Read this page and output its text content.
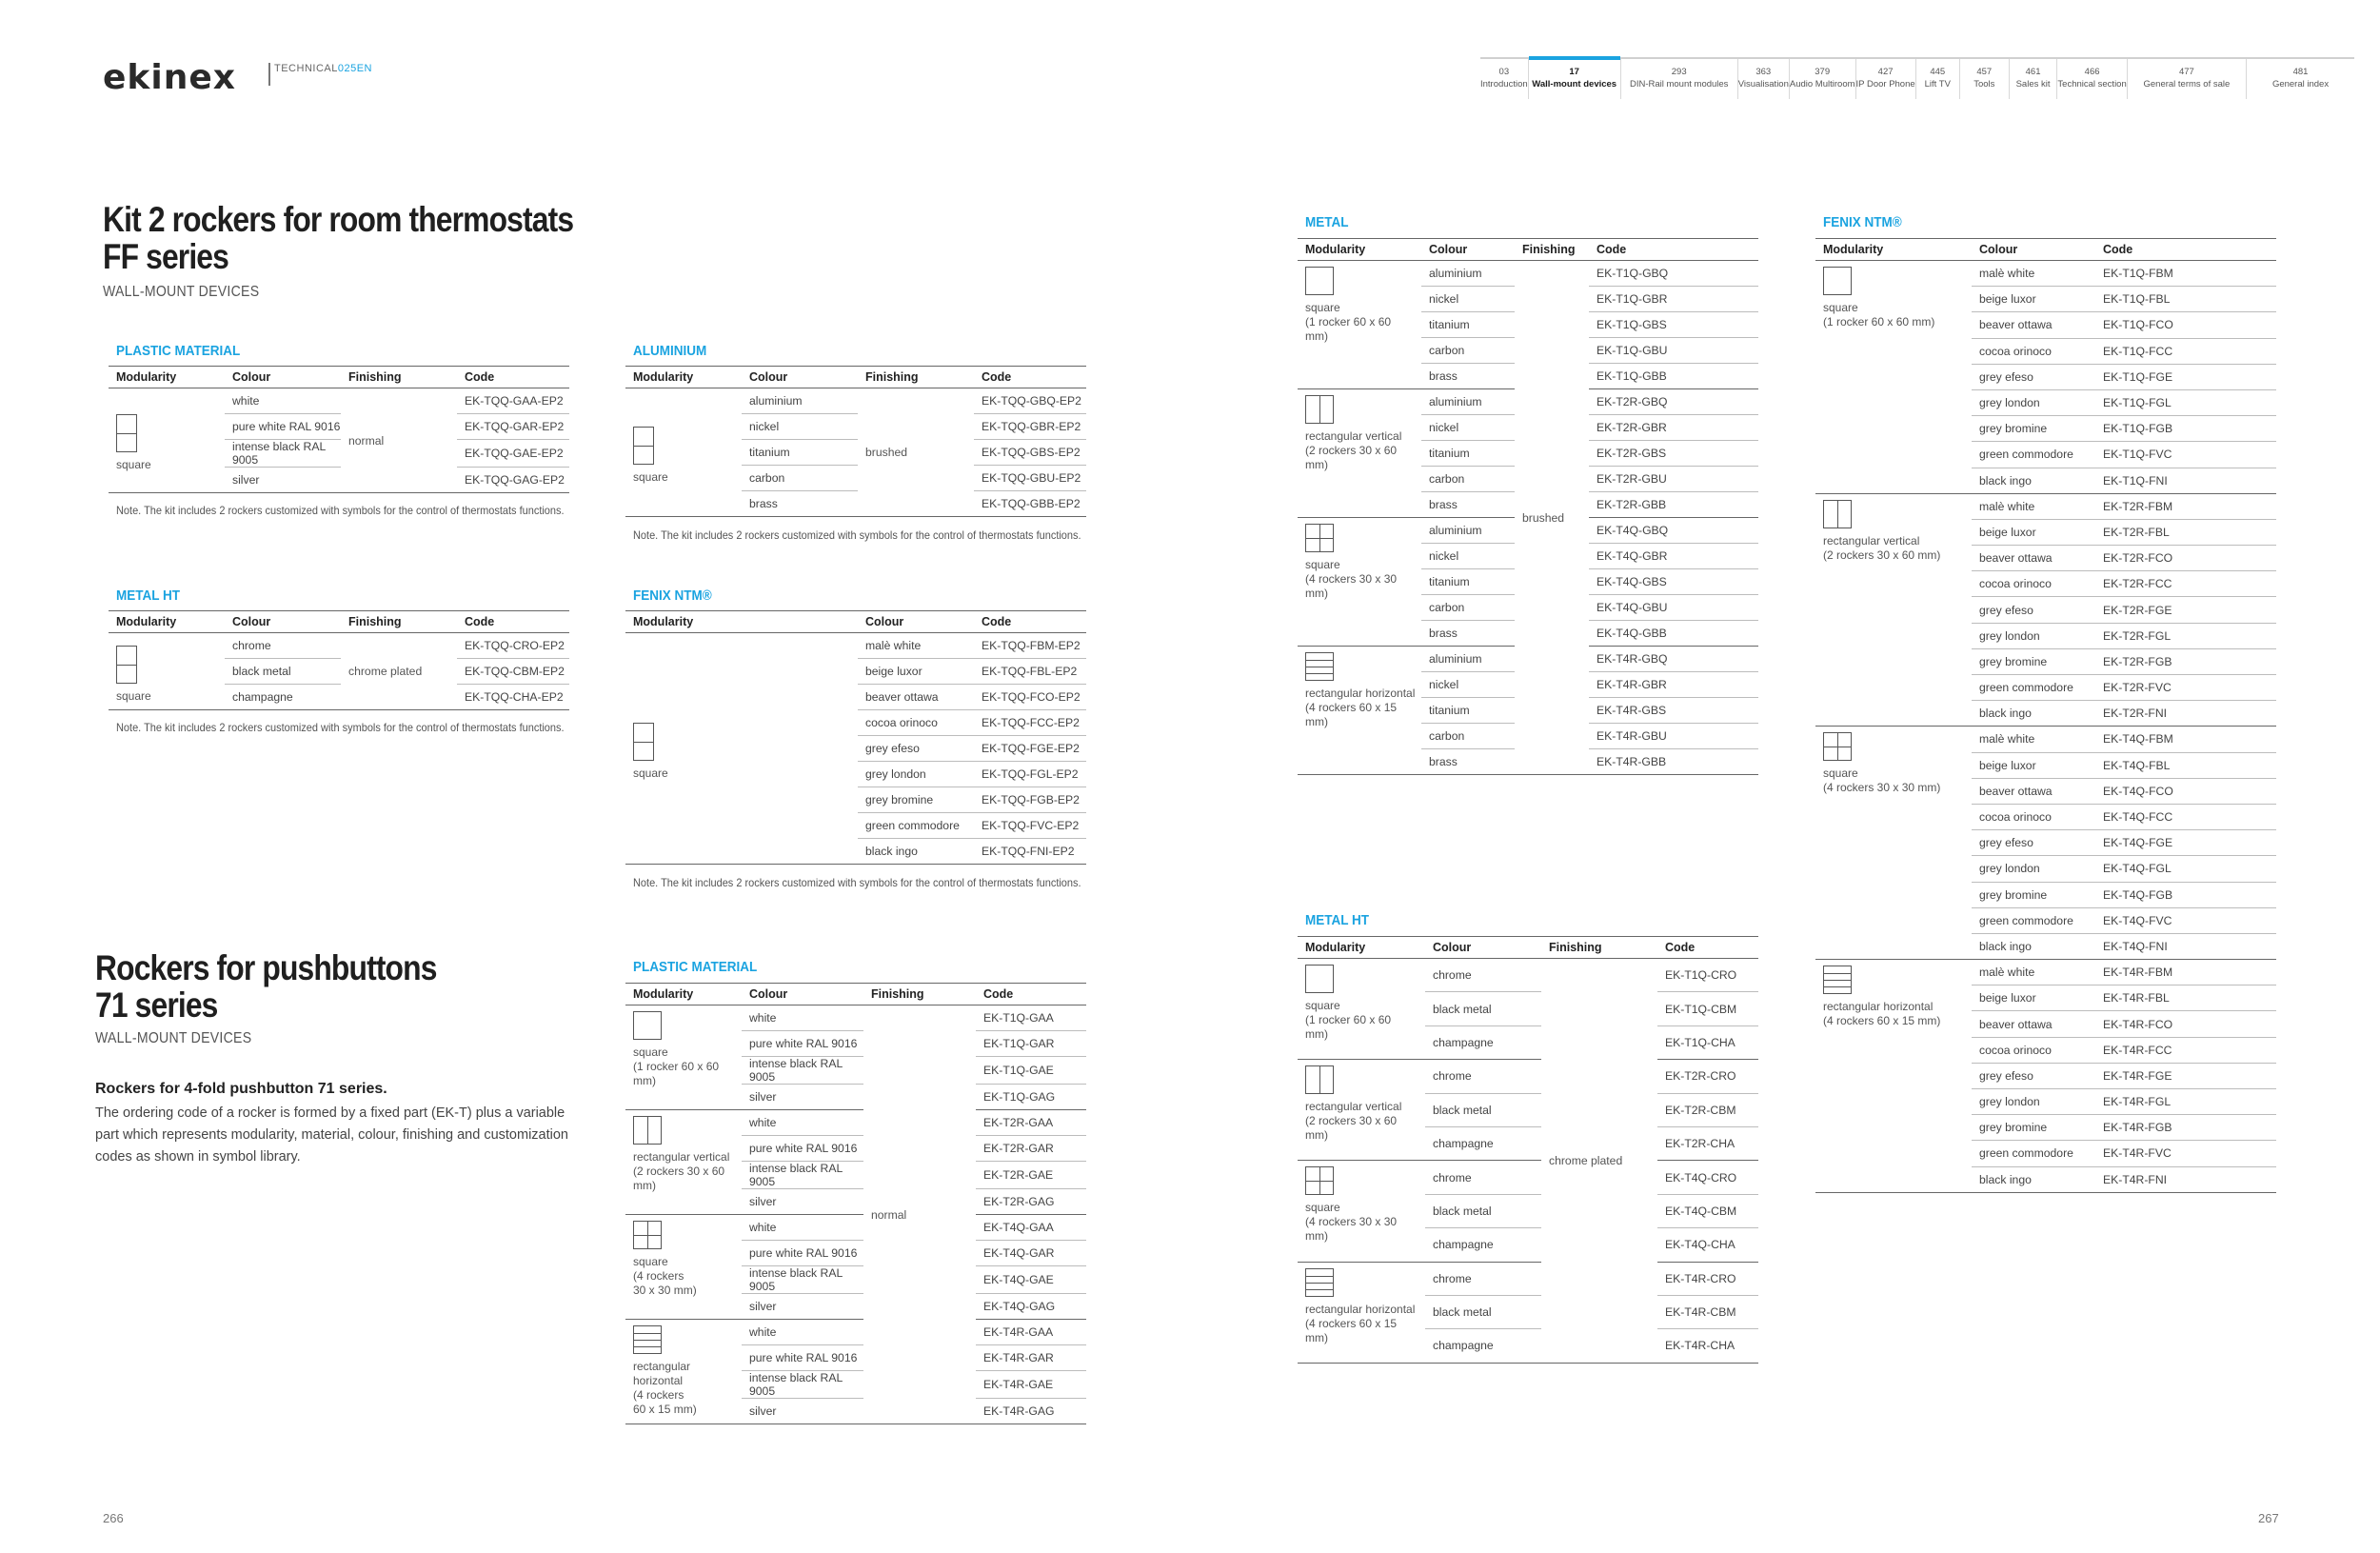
ekinex	TECHNICAL025EN	03
Introduction
17
Wall-mount devices
293
DIN-Rail mount modules
363
Visualisation
379
Audio Multiroom
427
IP Door Phone
445
Lift TV
457
Tools
461
Sales kit
466
Technical section
477
General terms of sale
481
General index
Kit 2 rockers for room thermostats
FF series
WALL-MOUNT DEVICES
Rockers for pushbuttons
71 series
WALL-MOUNT DEVICES
Rockers for 4-fold pushbutton 71 series.
The ordering code of a rocker is formed by a fixed part (EK-T) plus a variable part which represents modularity, material, colour, finishing and customization codes as shown in symbol library.
PLASTIC MATERIAL	ALUMINIUM
METAL HT	FENIX NTM®
PLASTIC MATERIAL
METAL
METAL HT
FENIX NTM®
Modularity	Colour	Finishing	Code

square	white	normal	EK-TQQ-GAA-EP2
	pure white RAL 9016		EK-TQQ-GAR-EP2
	intense black RAL 9005		EK-TQQ-GAE-EP2
	silver		EK-TQQ-GAG-EP2
Note. The kit includes 2 rockers customized with symbols for the control of thermostats functions.
Modularity	Colour	Finishing	Code

square	aluminium	brushed	EK-TQQ-GBQ-EP2
	nickel		EK-TQQ-GBR-EP2
	titanium		EK-TQQ-GBS-EP2
	carbon		EK-TQQ-GBU-EP2
	brass		EK-TQQ-GBB-EP2
Note. The kit includes 2 rockers customized with symbols for the control of thermostats functions.
Modularity	Colour	Finishing	Code

square	chrome	chrome plated	EK-TQQ-CRO-EP2
	black metal		EK-TQQ-CBM-EP2
	champagne		EK-TQQ-CHA-EP2
Note. The kit includes 2 rockers customized with symbols for the control of thermostats functions.
Modularity		Colour	Code

square		malè white	EK-TQQ-FBM-EP2
		beige luxor	EK-TQQ-FBL-EP2
		beaver ottawa	EK-TQQ-FCO-EP2
		cocoa orinoco	EK-TQQ-FCC-EP2
		grey efeso	EK-TQQ-FGE-EP2
		grey london	EK-TQQ-FGL-EP2
		grey bromine	EK-TQQ-FGB-EP2
		green commodore	EK-TQQ-FVC-EP2
		black ingo	EK-TQQ-FNI-EP2
Note. The kit includes 2 rockers customized with symbols for the control of thermostats functions.
Modularity	Colour	Finishing	Code

square
(1 rocker 60 x 60 mm)	white	normal	EK-T1Q-GAA
	pure white RAL 9016		EK-T1Q-GAR
	intense black RAL 9005		EK-T1Q-GAE
	silver		EK-T1Q-GAG

rectangular vertical
(2 rockers 30 x 60
mm)	white		EK-T2R-GAA
	pure white RAL 9016		EK-T2R-GAR
	intense black RAL 9005		EK-T2R-GAE
	silver		EK-T2R-GAG

square
(4 rockers
30 x 30 mm)	white		EK-T4Q-GAA
	pure white RAL 9016		EK-T4Q-GAR
	intense black RAL 9005		EK-T4Q-GAE
	silver		EK-T4Q-GAG

rectangular horizontal
(4 rockers
60 x 15 mm)	white		EK-T4R-GAA
	pure white RAL 9016		EK-T4R-GAR
	intense black RAL 9005		EK-T4R-GAE
	silver		EK-T4R-GAG
Modularity	Colour	Finishing	Code

square
(1 rocker 60 x 60
mm)	aluminium	brushed	EK-T1Q-GBQ
	nickel		EK-T1Q-GBR
	titanium		EK-T1Q-GBS
	carbon		EK-T1Q-GBU
	brass		EK-T1Q-GBB

rectangular vertical
(2 rockers 30 x 60
mm)	aluminium		EK-T2R-GBQ
	nickel		EK-T2R-GBR
	titanium		EK-T2R-GBS
	carbon		EK-T2R-GBU
	brass		EK-T2R-GBB

square
(4 rockers 30 x 30
mm)	aluminium		EK-T4Q-GBQ
	nickel		EK-T4Q-GBR
	titanium		EK-T4Q-GBS
	carbon		EK-T4Q-GBU
	brass		EK-T4Q-GBB

rectangular horizontal
(4 rockers 60 x 15
mm)	aluminium		EK-T4R-GBQ
	nickel		EK-T4R-GBR
	titanium		EK-T4R-GBS
	carbon		EK-T4R-GBU
	brass		EK-T4R-GBB
Modularity	Colour	Finishing	Code

square
(1 rocker 60 x 60
mm)	chrome	chrome plated	EK-T1Q-CRO
	black metal		EK-T1Q-CBM
	champagne		EK-T1Q-CHA

rectangular vertical
(2 rockers 30 x 60
mm)	chrome		EK-T2R-CRO
	black metal		EK-T2R-CBM
	champagne		EK-T2R-CHA

square
(4 rockers 30 x 30
mm)	chrome		EK-T4Q-CRO
	black metal		EK-T4Q-CBM
	champagne		EK-T4Q-CHA

rectangular horizontal
(4 rockers 60 x 15
mm)	chrome		EK-T4R-CRO
	black metal		EK-T4R-CBM
	champagne		EK-T4R-CHA
Modularity	Colour	Code

square
(1 rocker 60 x 60 mm)	malè white	EK-T1Q-FBM
	beige luxor	EK-T1Q-FBL
	beaver ottawa	EK-T1Q-FCO
	cocoa orinoco	EK-T1Q-FCC
	grey efeso	EK-T1Q-FGE
	grey london	EK-T1Q-FGL
	grey bromine	EK-T1Q-FGB
	green commodore	EK-T1Q-FVC
	black ingo	EK-T1Q-FNI

rectangular vertical
(2 rockers 30 x 60 mm)	malè white	EK-T2R-FBM
	beige luxor	EK-T2R-FBL
	beaver ottawa	EK-T2R-FCO
	cocoa orinoco	EK-T2R-FCC
	grey efeso	EK-T2R-FGE
	grey london	EK-T2R-FGL
	grey bromine	EK-T2R-FGB
	green commodore	EK-T2R-FVC
	black ingo	EK-T2R-FNI

square
(4 rockers 30 x 30 mm)	malè white	EK-T4Q-FBM
	beige luxor	EK-T4Q-FBL
	beaver ottawa	EK-T4Q-FCO
	cocoa orinoco	EK-T4Q-FCC
	grey efeso	EK-T4Q-FGE
	grey london	EK-T4Q-FGL
	grey bromine	EK-T4Q-FGB
	green commodore	EK-T4Q-FVC
	black ingo	EK-T4Q-FNI

rectangular horizontal
(4 rockers 60 x 15 mm)	malè white	EK-T4R-FBM
	beige luxor	EK-T4R-FBL
	beaver ottawa	EK-T4R-FCO
	cocoa orinoco	EK-T4R-FCC
	grey efeso	EK-T4R-FGE
	grey london	EK-T4R-FGL
	grey bromine	EK-T4R-FGB
	green commodore	EK-T4R-FVC
	black ingo	EK-T4R-FNI
266	267
